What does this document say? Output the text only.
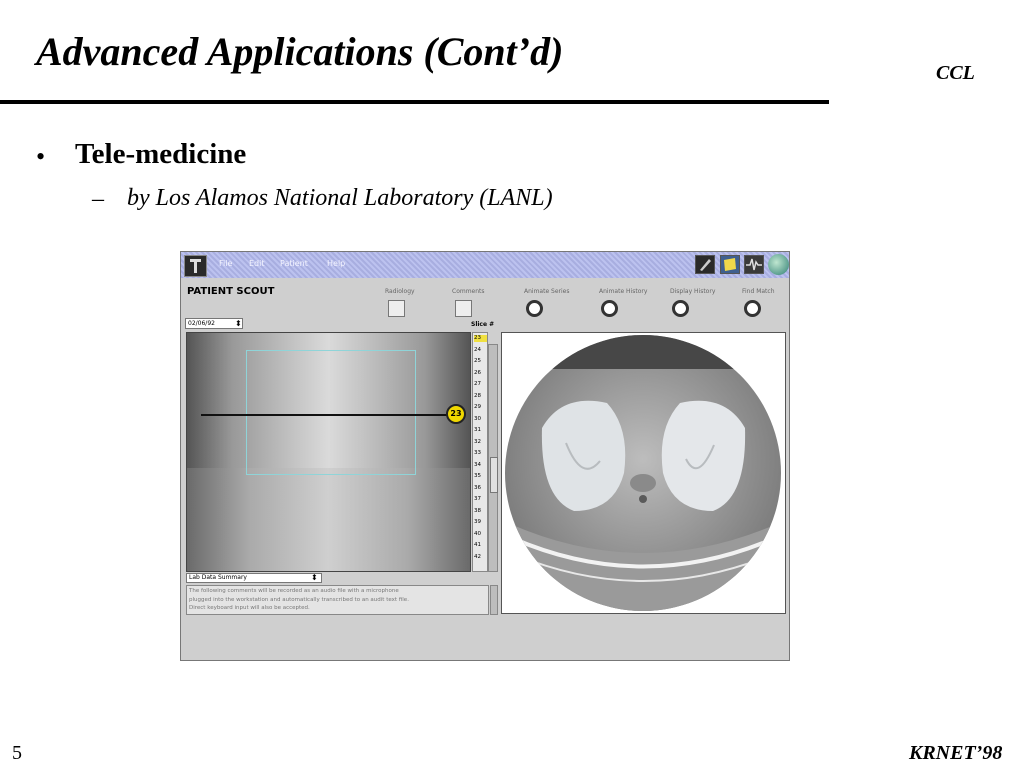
Advanced Applications (Cont’d)	CCL
• Tele-medicine
– by Los Alamos National Laboratory (LANL)
File Edit Patient Help
PATIENT SCOUT	Radiology	Comments	Animate Series	Animate History	Display History	Find Match
02/06/92	⬍	Slice #
23
23
24
25
26
27
28
29
30
31
32
33
34
35
36
37
38
39
40
41
42
Lab Data Summary	⬍
The following comments will be recorded as an audio file with a microphone
plugged into the workstation and automatically transcribed to an audit text file.
Direct keyboard input will also be accepted.
5	KRNET’98
